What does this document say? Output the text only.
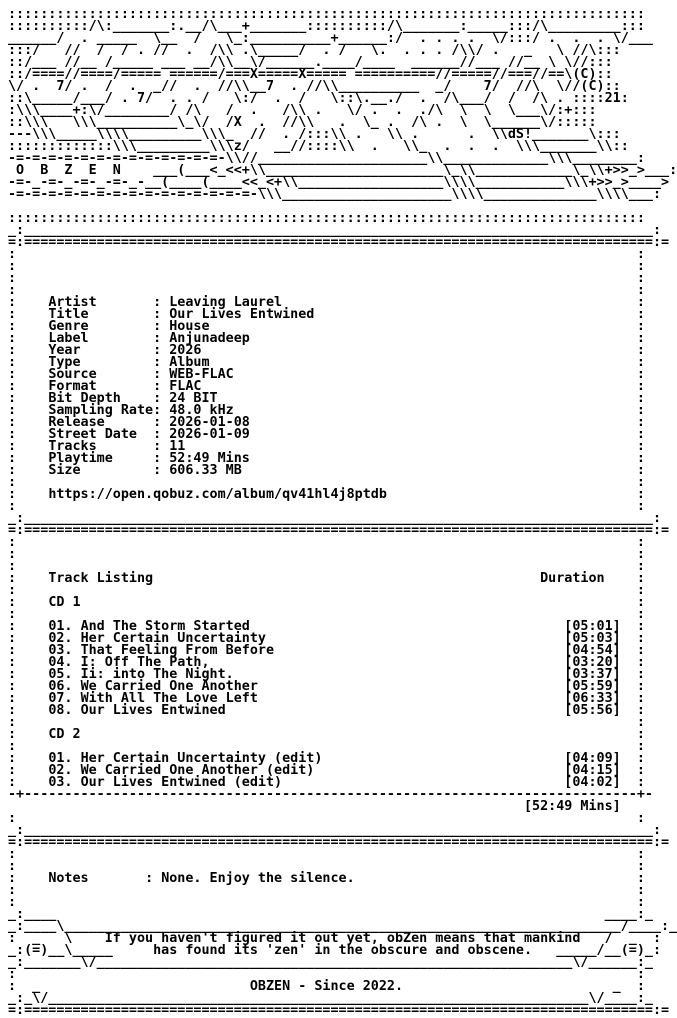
:::::::::::::::::::::::::::::::::::::::::::::::::::::::::::::::::::::::::::::::
::::::::::/\:_______:.__/\___+_______::::::::::/\_______:_____:::/\_________:::
______/  . _____  \__  /   \_:__________+______:/  . . . .  \/:::/ .  .  . \/___
:::/   //  /  / . //  .  /\\ .\_____/  . /   \.  . . . /\\/ .   _   \ //\:::
::/___ //__ /_____ ___ __/\\__\/______.____/____  ______//___ //__ \ \//:::
::/====//====/===== ======/===X=====X===== ==========//=====//===//==\(C)::
\/ .  7/ .  /  .  _//  .  //\\__7  . //\\__________  _/    7/  //\  \//(C)::
::\_____/___/ . 7/  . . /   \:/  .  /   \::\.__./  .  /\___/  /  /\ . ::::21:
:\\\____+:\/________/ /\   /  .   /\\ .   \/ .  .  ./\  \  \  \___\/:+:::
::\\\   \\\__________\_\/  /X  .  //\\   .  \_ .  /\ .  \  \______\/:::::
---\\\_____\\\\_________\\\_  //  . /:::\\ .   \\ .      .  \\dS!_______\:::
:::::::::::::\\\_________\\\z/   __//::::\\  .   \\_  .  .  .  \\\_______\\::
-=-=-=-=-=-=-=-=-=-=-=-=-=-\\//_____________________\\_____________\\\________:
O  B  Z  E  N    ___(___<_<<+\\______________________\_\\____________\_\\+>>_>___:
-=-_-=-_-=-_-=-_-__(____(____<<_<+\\__________________\\\\___________\\\+>>_>____>
-=-=-=-=-=-=-=-=-=-=-=-=-=-=-=-\\\_____________________\\\\______________\\\\___:
:::::::::::::::::::::::::::::::::::::::::::::::::::::::::::::::::::::::::::::::
_:______________________________________________________________________________:
=:==============================================================================:=
:                                                                             :
:                                                                             :
:                                                                             :
:                                                                             :
: Artist       : Leaving Laurel                                            :
: Title        : Our Lives Entwined                                        :
: Genre        : House                                                     :
: Label        : Anjunadeep                                                :
: Year         : 2026                                                      :
: Type         : Album                                                     :
: Source       : WEB-FLAC                                                  :
: Format       : FLAC                                                      :
: Bit Depth    : 24 BIT                                                    :
: Sampling Rate: 48.0 kHz                                                  :
: Release      : 2026-01-08                                                :
: Street Date  : 2026-01-09                                                :
: Tracks       : 11                                                        :
: Playtime     : 52:49 Mins                                                :
: Size         : 606.33 MB                                                 :
:                                                                             :
: https://open.qobuz.com/album/qv41hl4j8ptdb                               :
:                                                                             :
_:______________________________________________________________________________:
=:==============================================================================:=
:                                                                             :
:                                                                             :
:                                                                             :
: Track Listing	Duration    :
:                                                                             :
: CD 1                                                                     :
:                                                                             :
: 01. And The Storm Started	[05:01]  :
: 02. Her Certain Uncertainty	[05:03]  :
: 03. That Feeling From Before	[04:54]  :
: 04. I: Off The Path,	[03:20]  :
: 05. Ii: into The Night.	[03:37]  :
: 06. We Carried One Another	[05:59]  :
: 07. With All The Love Left	[06:33]  :
: 08. Our Lives Entwined	[05:56]  :
:                                                                             :
: CD 2                                                                     :
:                                                                             :
: 01. Her Certain Uncertainty (edit)	[04:09]  :
: 02. We Carried One Another (edit)	[04:15]  :
: 03. Our Lives Entwined (edit)	[04:02]  :
-+----------------------------------------------------------------------------+-
[52:49 Mins]
:                                                                             :
_:______________________________________________________________________________:
=:==============================================================================:=
:                                                                             :
:                                                                             :
: Notes       : None. Enjoy the silence.                                   :
:                                                                             :
:                                                                             :
_:____                                                                    ____:_
_:____\_____________________________________________________________________/____:_
:  _   \    If you haven't figured it out yet, obZen means that mankind   /  _  :
_:(=)__\_____     has found its 'zen' in the obscure and obscene.   _____/__(=)_:
_:_______\/___________________________________________________________\/______:_
:                                                                             :
:  _                          OBZEN - Since 2022.                          _  :
_:_\/___________________________________________________________________\/____:_
=:==============================================================================:=
